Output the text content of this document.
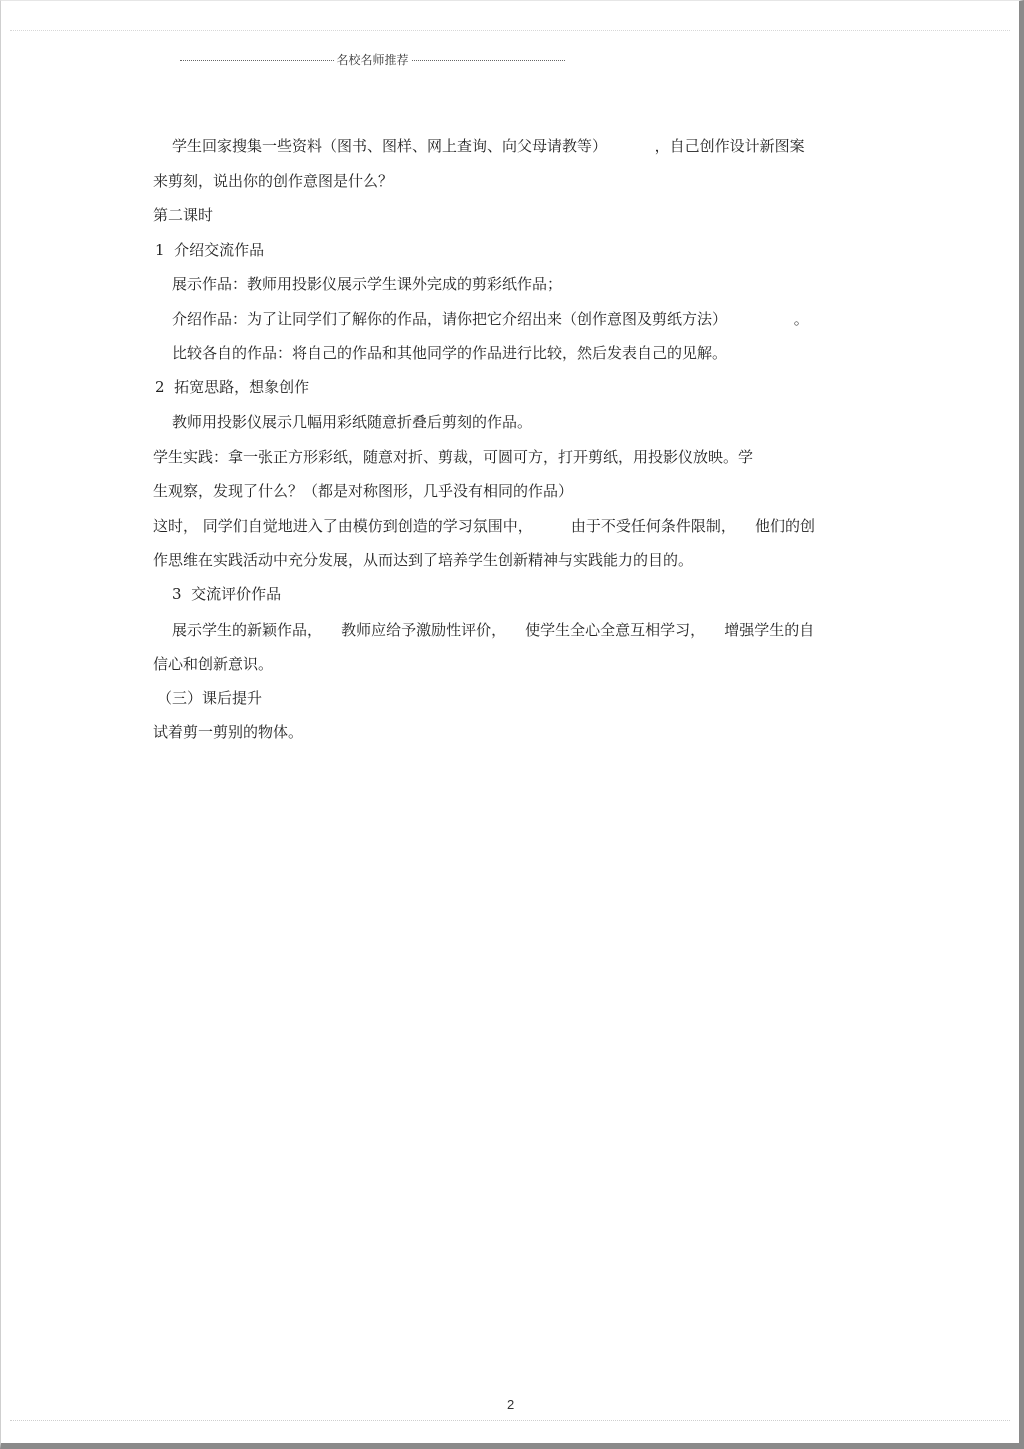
名校名师推荐
学生回家搜集一些资料（图书、图样、网上查询、向父母请教等）          ，自己创作设计新图案
来剪刻，说出你的创作意图是什么？
第二课时
1  介绍交流作品
展示作品：教师用投影仪展示学生课外完成的剪彩纸作品；
介绍作品：为了让同学们了解你的作品，请你把它介绍出来（创作意图及剪纸方法）              。
比较各自的作品：将自己的作品和其他同学的作品进行比较，然后发表自己的见解。
2  拓宽思路，想象创作
教师用投影仪展示几幅用彩纸随意折叠后剪刻的作品。
学生实践：拿一张正方形彩纸，随意对折、剪裁，可圆可方，打开剪纸，用投影仪放映。学
生观察，发现了什么？（都是对称图形，几乎没有相同的作品）
这时， 同学们自觉地进入了由模仿到创造的学习氛围中，        由于不受任何条件限制，    他们的创
作思维在实践活动中充分发展，从而达到了培养学生创新精神与实践能力的目的。
3  交流评价作品
展示学生的新颖作品，    教师应给予激励性评价，    使学生全心全意互相学习，    增强学生的自
信心和创新意识。
（三）课后提升
试着剪一剪别的物体。
2
